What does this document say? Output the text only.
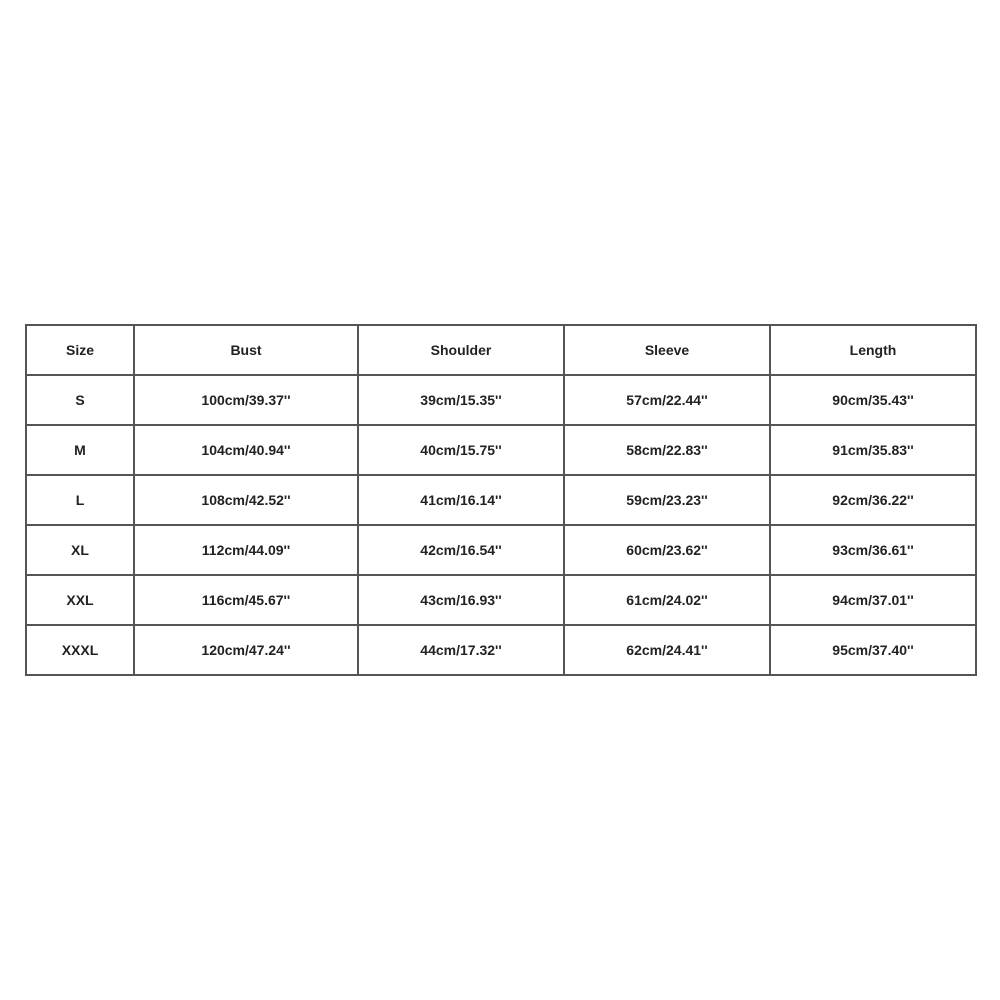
Size	Bust	Shoulder	Sleeve	Length
S	100cm/39.37''	39cm/15.35''	57cm/22.44''	90cm/35.43''
M	104cm/40.94''	40cm/15.75''	58cm/22.83''	91cm/35.83''
L	108cm/42.52''	41cm/16.14''	59cm/23.23''	92cm/36.22''
XL	112cm/44.09''	42cm/16.54''	60cm/23.62''	93cm/36.61''
XXL	116cm/45.67''	43cm/16.93''	61cm/24.02''	94cm/37.01''
XXXL	120cm/47.24''	44cm/17.32''	62cm/24.41''	95cm/37.40''
